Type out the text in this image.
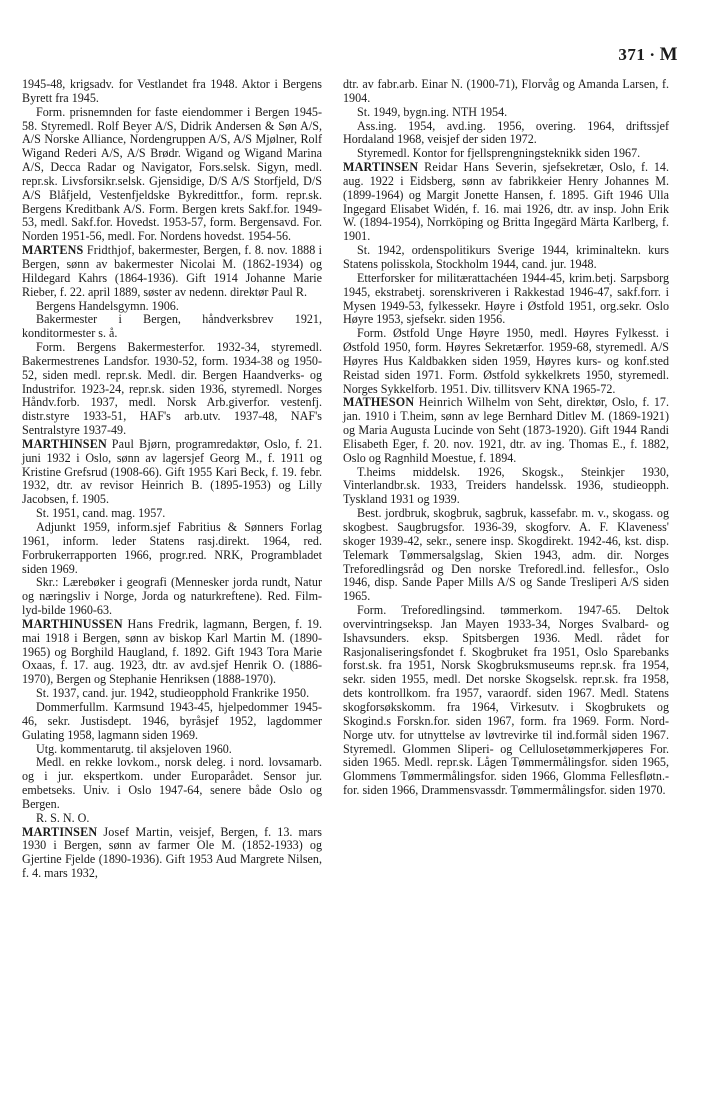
371 · M

1945-48, krigsadv. for Vestlandet fra 1948. Aktor i Bergens Byrett fra 1945.

Form. prisnemnden for faste eiendommer i Bergen 1945-58. Styremedl. Rolf Beyer A/S, Didrik Andersen & Søn A/S, A/S Norske Alliance, Nordengruppen A/S, A/S Mjølner, Rolf Wigand Rederi A/S, A/S Brødr. Wigand og Wigand Marina A/S, Decca Radar og Navigator, Fors.selsk. Sigyn, medl. repr.sk. Livsforsikr.selsk. Gjensidige, D/S A/S Storfjeld, D/S A/S Blåfjeld, Vestenfjeldske Bykredittfor., form. repr.sk. Bergens Kreditbank A/S. Form. Bergen krets Sakf.for. 1949-53, medl. Sakf.for. Hovedst. 1953-57, form. Bergensavd. For. Norden 1951-56, medl. For. Nordens hovedst. 1954-56.

MARTENS Fridthjof, bakermester, Bergen, f. 8. nov. 1888 i Bergen, sønn av bakermester Nicolai M. (1862-1934) og Hildegard Kahrs (1864-1936). Gift 1914 Johanne Marie Rieber, f. 22. april 1889, søster av nedenn. direktør Paul R.

Bergens Handelsgymn. 1906.

Bakermester i Bergen, håndverksbrev 1921, konditormester s. å.

Form. Bergens Bakermesterfor. 1932-34, styremedl. Bakermestrenes Landsfor. 1930-52, form. 1934-38 og 1950-52, siden medl. repr.sk. Medl. dir. Bergen Haandverks- og Industrifor. 1923-24, repr.sk. siden 1936, styremedl. Norges Håndv.forb. 1937, medl. Norsk Arb.giverfor. vestenfj. distr.styre 1933-51, HAF's arb.utv. 1937-48, NAF's Sentralstyre 1937-49.

MARTHINSEN Paul Bjørn, programredaktør, Oslo, f. 21. juni 1932 i Oslo, sønn av lagersjef Georg M., f. 1911 og Kristine Grefsrud (1908-66). Gift 1955 Kari Beck, f. 19. febr. 1932, dtr. av revisor Heinrich B. (1895-1953) og Lilly Jacobsen, f. 1905.

St. 1951, cand. mag. 1957.

Adjunkt 1959, inform.sjef Fabritius & Sønners Forlag 1961, inform. leder Statens rasj.direkt. 1964, red. Forbrukerrapporten 1966, progr.red. NRK, Programbladet siden 1969.

Skr.: Lærebøker i geografi (Mennesker jorda rundt, Natur og næringsliv i Norge, Jorda og naturkreftene). Red. Film-lyd-bilde 1960-63.

MARTHINUSSEN Hans Fredrik, lagmann, Bergen, f. 19. mai 1918 i Bergen, sønn av biskop Karl Martin M. (1890-1965) og Borghild Haugland, f. 1892. Gift 1943 Tora Marie Oxaas, f. 17. aug. 1923, dtr. av avd.sjef Henrik O. (1886-1970), Bergen og Stephanie Henriksen (1888-1970).

St. 1937, cand. jur. 1942, studieopphold Frankrike 1950.

Dommerfullm. Karmsund 1943-45, hjelpedommer 1945-46, sekr. Justisdept. 1946, byråsjef 1952, lagdommer Gulating 1958, lagmann siden 1969.

Utg. kommentarutg. til aksjeloven 1960.

Medl. en rekke lovkom., norsk deleg. i nord. lovsamarb. og i jur. ekspertkom. under Europarådet. Sensor jur. embetseks. Univ. i Oslo 1947-64, senere både Oslo og Bergen.

R. S. N. O.

MARTINSEN Josef Martin, veisjef, Bergen, f. 13. mars 1930 i Bergen, sønn av farmer Ole M. (1852-1933) og Gjertine Fjelde (1890-1936). Gift 1953 Aud Margrete Nilsen, f. 4. mars 1932,

dtr. av fabr.arb. Einar N. (1900-71), Florvåg og Amanda Larsen, f. 1904.

St. 1949, bygn.ing. NTH 1954.

Ass.ing. 1954, avd.ing. 1956, overing. 1964, driftssjef Hordaland 1968, veisjef der siden 1972.

Styremedl. Kontor for fjellsprengningsteknikk siden 1967.

MARTINSEN Reidar Hans Severin, sjefsekretær, Oslo, f. 14. aug. 1922 i Eidsberg, sønn av fabrikkeier Henry Johannes M. (1899-1964) og Margit Jonette Hansen, f. 1895. Gift 1946 Ulla Ingegard Elisabet Widén, f. 16. mai 1926, dtr. av insp. John Erik W. (1894-1954), Norrköping og Britta Ingegärd Märta Karlberg, f. 1901.

St. 1942, ordenspolitikurs Sverige 1944, kriminaltekn. kurs Statens polisskola, Stockholm 1944, cand. jur. 1948.

Etterforsker for militærattachéen 1944-45, krim.betj. Sarpsborg 1945, ekstrabetj. sorenskriveren i Rakkestad 1946-47, sakf.forr. i Mysen 1949-53, fylkessekr. Høyre i Østfold 1951, org.sekr. Oslo Høyre 1953, sjefsekr. siden 1956.

Form. Østfold Unge Høyre 1950, medl. Høyres Fylkesst. i Østfold 1950, form. Høyres Sekretærfor. 1959-68, styremedl. A/S Høyres Hus Kaldbakken siden 1959, Høyres kurs- og konf.sted Reistad siden 1971. Form. Østfold sykkelkrets 1950, styremedl. Norges Sykkelforb. 1951. Div. tillitsverv KNA 1965-72.

MATHESON Heinrich Wilhelm von Seht, direktør, Oslo, f. 17. jan. 1910 i T.heim, sønn av lege Bernhard Ditlev M. (1869-1921) og Maria Augusta Lucinde von Seht (1873-1920). Gift 1944 Randi Elisabeth Eger, f. 20. nov. 1921, dtr. av ing. Thomas E., f. 1882, Oslo og Ragnhild Moestue, f. 1894.

T.heims middelsk. 1926, Skogsk., Steinkjer 1930, Vinterlandbr.sk. 1933, Treiders handelssk. 1936, studieopph. Tyskland 1931 og 1939.

Best. jordbruk, skogbruk, sagbruk, kassefabr. m. v., skogass. og skogbest. Saugbrugsfor. 1936-39, skogforv. A. F. Klaveness' skoger 1939-42, sekr., senere insp. Skogdirekt. 1942-46, kst. disp. Telemark Tømmersalgslag, Skien 1943, adm. dir. Norges Treforedlingsråd og Den norske Treforedl.ind. fellesfor., Oslo 1946, disp. Sande Paper Mills A/S og Sande Tresliperi A/S siden 1965.

Form. Treforedlingsind. tømmerkom. 1947-65. Deltok overvintringseksp. Jan Mayen 1933-34, Norges Svalbard- og Ishavsunders. eksp. Spitsbergen 1936. Medl. rådet for Rasjonaliseringsfondet f. Skogbruket fra 1951, Oslo Sparebanks forst.sk. fra 1951, Norsk Skogbruksmuseums repr.sk. fra 1954, sekr. siden 1955, medl. Det norske Skogselsk. repr.sk. fra 1958, dets kontrollkom. fra 1957, varaordf. siden 1967. Medl. Statens skogforsøkskomm. fra 1964, Virkesutv. i Skogbrukets og Skogind.s Forskn.for. siden 1967, form. fra 1969. Form. Nord-Norge utv. for utnyttelse av løvtrevirke til ind.formål siden 1967. Styremedl. Glommen Sliperi- og Cellulosetømmerkjøperes For. siden 1965. Medl. repr.sk. Lågen Tømmermålingsfor. siden 1965, Glommens Tømmermålingsfor. siden 1966, Glomma Fellesfløtn.-for. siden 1966, Drammensvassdr. Tømmermålingsfor. siden 1970.
